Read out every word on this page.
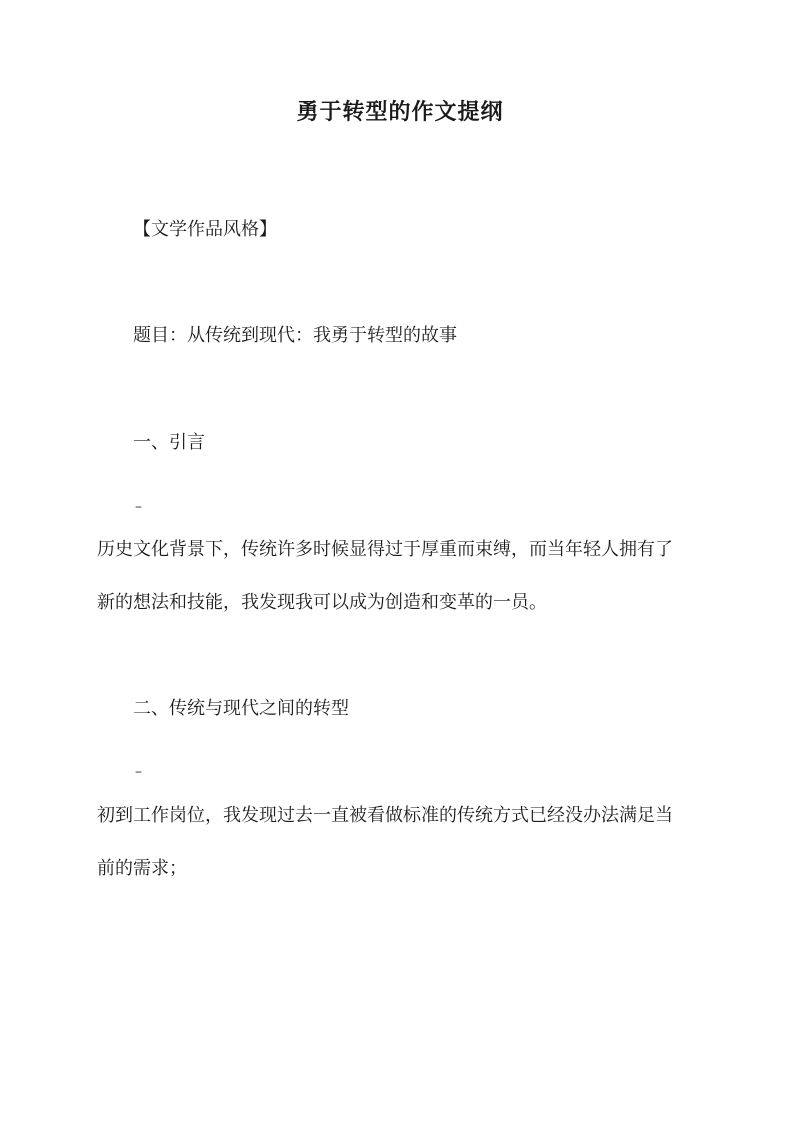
勇于转型的作文提纲
【文学作品风格】
题目：从传统到现代：我勇于转型的故事
一、引言
–
历史文化背景下，传统许多时候显得过于厚重而束缚，而当年轻人拥有了
新的想法和技能，我发现我可以成为创造和变革的一员。
二、传统与现代之间的转型
–
初到工作岗位，我发现过去一直被看做标准的传统方式已经没办法满足当
前的需求；
